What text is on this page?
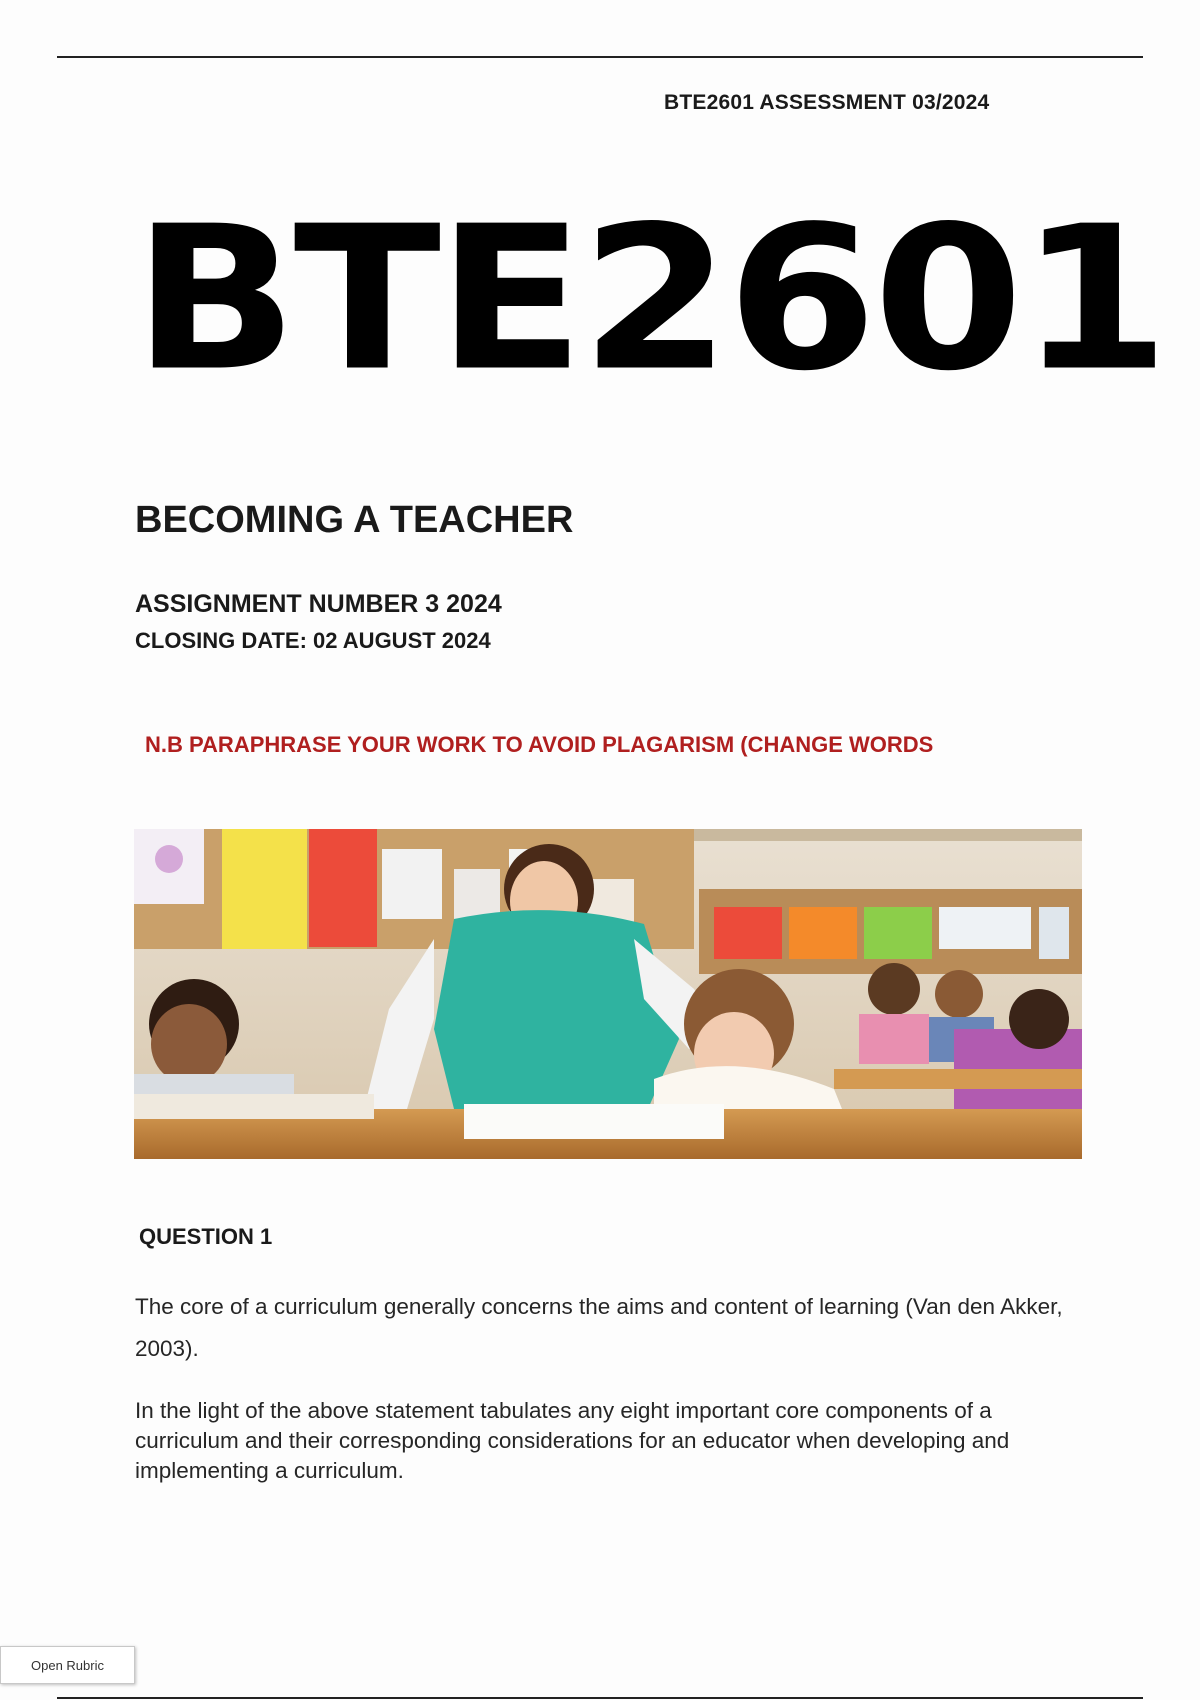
BTE2601 ASSESSMENT 03/2024
BTE2601
BECOMING A TEACHER
ASSIGNMENT NUMBER 3 2024
CLOSING DATE: 02 AUGUST 2024
N.B PARAPHRASE YOUR WORK TO AVOID PLAGARISM (CHANGE WORDS
QUESTION 1

The core of a curriculum generally concerns the aims and content of learning (Van den Akker, 2003).

In the light of the above statement tabulates any eight important core components of a curriculum and their corresponding considerations for an educator when developing and implementing a curriculum.

Open Rubric
